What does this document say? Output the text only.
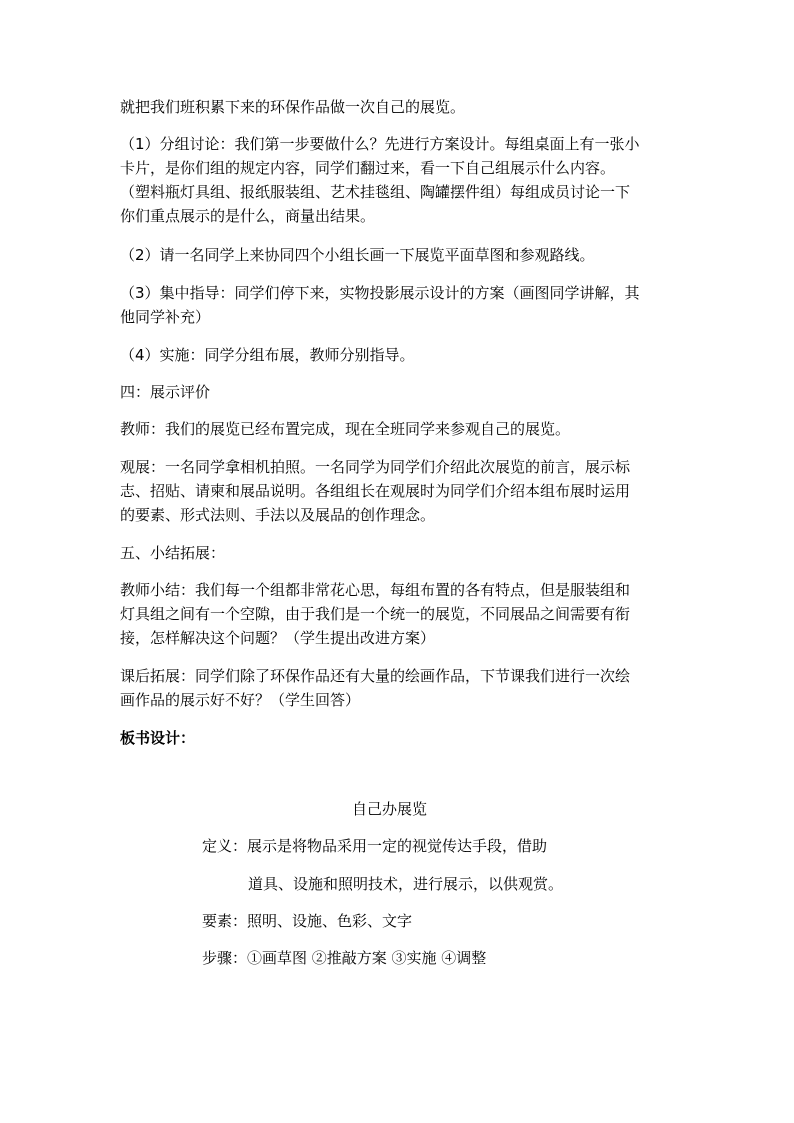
就把我们班积累下来的环保作品做一次自己的展览。

（1）分组讨论：我们第一步要做什么？先进行方案设计。每组桌面上有一张小

卡片，是你们组的规定内容，同学们翻过来，看一下自己组展示什么内容。

（塑料瓶灯具组、报纸服装组、艺术挂毯组、陶罐摆件组）每组成员讨论一下

你们重点展示的是什么，商量出结果。

（2）请一名同学上来协同四个小组长画一下展览平面草图和参观路线。

（3）集中指导：同学们停下来，实物投影展示设计的方案（画图同学讲解，其

他同学补充）

（4）实施：同学分组布展，教师分别指导。

四：展示评价

教师：我们的展览已经布置完成，现在全班同学来参观自己的展览。

观展：一名同学拿相机拍照。一名同学为同学们介绍此次展览的前言，展示标

志、招贴、请柬和展品说明。各组组长在观展时为同学们介绍本组布展时运用

的要素、形式法则、手法以及展品的创作理念。

五、小结拓展：

教师小结：我们每一个组都非常花心思，每组布置的各有特点，但是服装组和

灯具组之间有一个空隙，由于我们是一个统一的展览，不同展品之间需要有衔

接，怎样解决这个问题？（学生提出改进方案）

课后拓展：同学们除了环保作品还有大量的绘画作品，下节课我们进行一次绘

画作品的展示好不好？（学生回答）

板书设计：

自己办展览

定义：展示是将物品采用一定的视觉传达手段，借助

道具、设施和照明技术，进行展示，以供观赏。

要素：照明、设施、色彩、文字

步骤：①画草图 ②推敲方案 ③实施 ④调整
